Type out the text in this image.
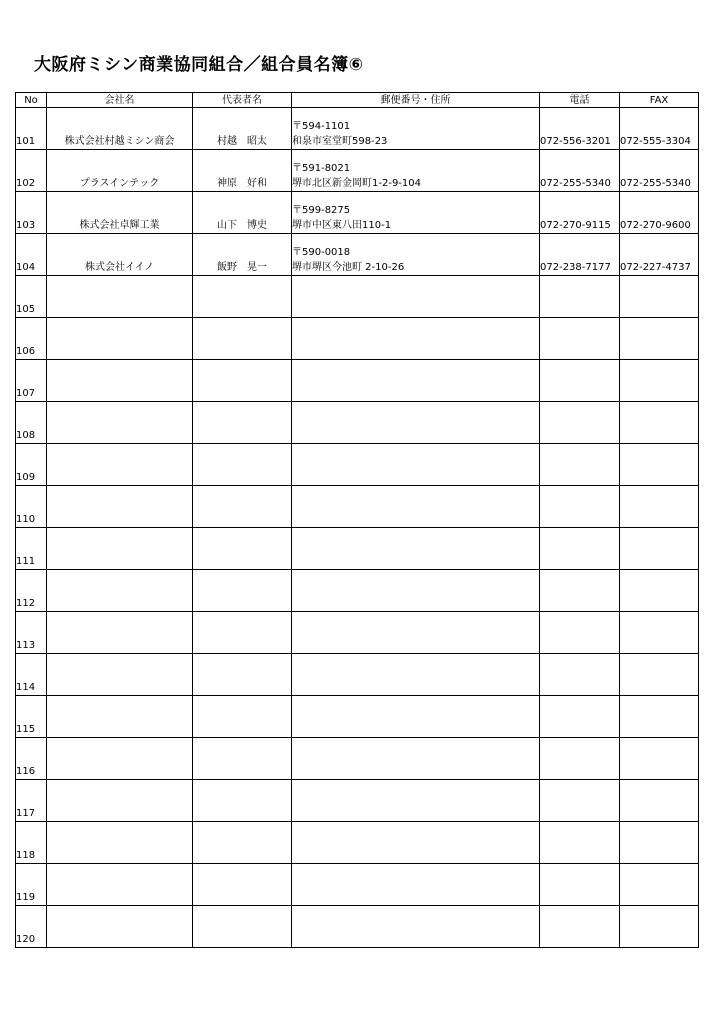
大阪府ミシン商業協同組合／組合員名簿⑥
No	会社名	代表者名	郵便番号・住所	電話	FAX
101	株式会社村越ミシン商会	村越　昭太	〒594-1101
和泉市室堂町598-23	072-556-3201	072-555-3304
102	プラスインテック	神原　好和	〒591-8021
堺市北区新金岡町1-2-9-104	072-255-5340	072-255-5340
103	株式会社卓輝工業	山下　博史	〒599-8275
堺市中区東八田110-1	072-270-9115	072-270-9600
104	株式会社イイノ	飯野　晃一	〒590-0018
堺市堺区今池町 2-10-26	072-238-7177	072-227-4737
105			

106			

107			

108			

109			

110			

111			

112			

113			

114			

115			

116			

117			

118			

119			

120			
